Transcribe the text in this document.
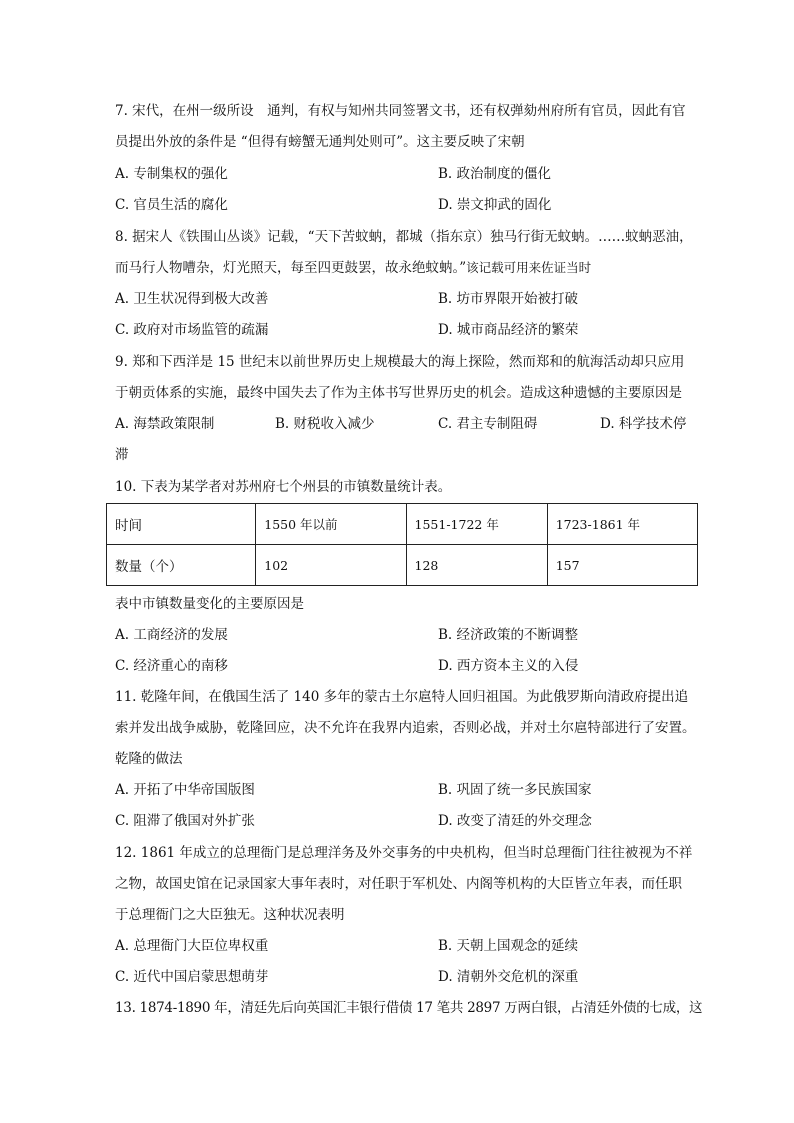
7. 宋代，在州一级所设　通判，有权与知州共同签署文书，还有权弹劾州府所有官员，因此有官
员提出外放的条件是 “但得有螃蟹无通判处则可”。这主要反映了宋朝
A. 专制集权的强化	B. 政治制度的僵化
C. 官员生活的腐化	D. 崇文抑武的固化
8. 据宋人《铁围山丛谈》记载，“天下苦蚊蚋，都城（指东京）独马行街无蚊蚋。……蚊蚋恶油，
而马行人物嘈杂，灯光照天，每至四更鼓罢，故永绝蚊蚋。”该记载可用来佐证当时
A. 卫生状况得到极大改善	B. 坊市界限开始被打破
C. 政府对市场监管的疏漏	D. 城市商品经济的繁荣
9. 郑和下西洋是 15 世纪末以前世界历史上规模最大的海上探险，然而郑和的航海活动却只应用
于朝贡体系的实施，最终中国失去了作为主体书写世界历史的机会。造成这种遗憾的主要原因是
A. 海禁政策限制	B. 财税收入减少	C. 君主专制阻碍	D. 科学技术停
滞
10. 下表为某学者对苏州府七个州县的市镇数量统计表。
时间	1550 年以前	1551-1722 年	1723-1861 年
数量（个）	102	128	157
表中市镇数量变化的主要原因是
A. 工商经济的发展	B. 经济政策的不断调整
C. 经济重心的南移	D. 西方资本主义的入侵
11. 乾隆年间，在俄国生活了 140 多年的蒙古土尔扈特人回归祖国。为此俄罗斯向清政府提出追
索并发出战争威胁，乾隆回应，决不允许在我界内追索，否则必战，并对土尔扈特部进行了安置。
乾隆的做法
A. 开拓了中华帝国版图	B. 巩固了统一多民族国家
C. 阻滞了俄国对外扩张	D. 改变了清廷的外交理念
12. 1861 年成立的总理衙门是总理洋务及外交事务的中央机构，但当时总理衙门往往被视为不祥
之物，故国史馆在记录国家大事年表时，对任职于军机处、内阁等机构的大臣皆立年表，而任职
于总理衙门之大臣独无。这种状况表明
A. 总理衙门大臣位卑权重	B. 天朝上国观念的延续
C. 近代中国启蒙思想萌芽	D. 清朝外交危机的深重
13. 1874-1890 年，清廷先后向英国汇丰银行借债 17 笔共 2897 万两白银，占清廷外债的七成，这
